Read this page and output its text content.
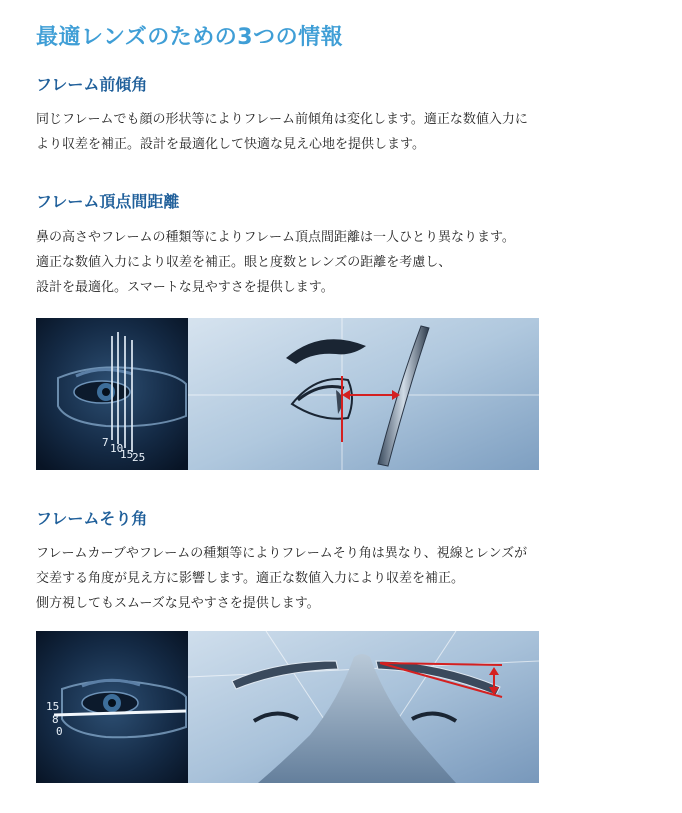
最適レンズのための3つの情報
フレーム前傾角

同じフレームでも顔の形状等によりフレーム前傾角は変化します。適正な数値入力に
より収差を補正。設計を最適化して快適な見え心地を提供します。

フレーム頂点間距離

鼻の高さやフレームの種類等によりフレーム頂点間距離は一人ひとり異なります。
適正な数値入力により収差を補正。眼と度数とレンズの距離を考慮し、
設計を最適化。スマートな見やすさを提供します。

7 10
15
25
フレームそり角

フレームカーブやフレームの種類等によりフレームそり角は異なり、視線とレンズが
交差する角度が見え方に影響します。適正な数値入力により収差を補正。
側方視してもスムーズな見やすさを提供します。

15
8
0
